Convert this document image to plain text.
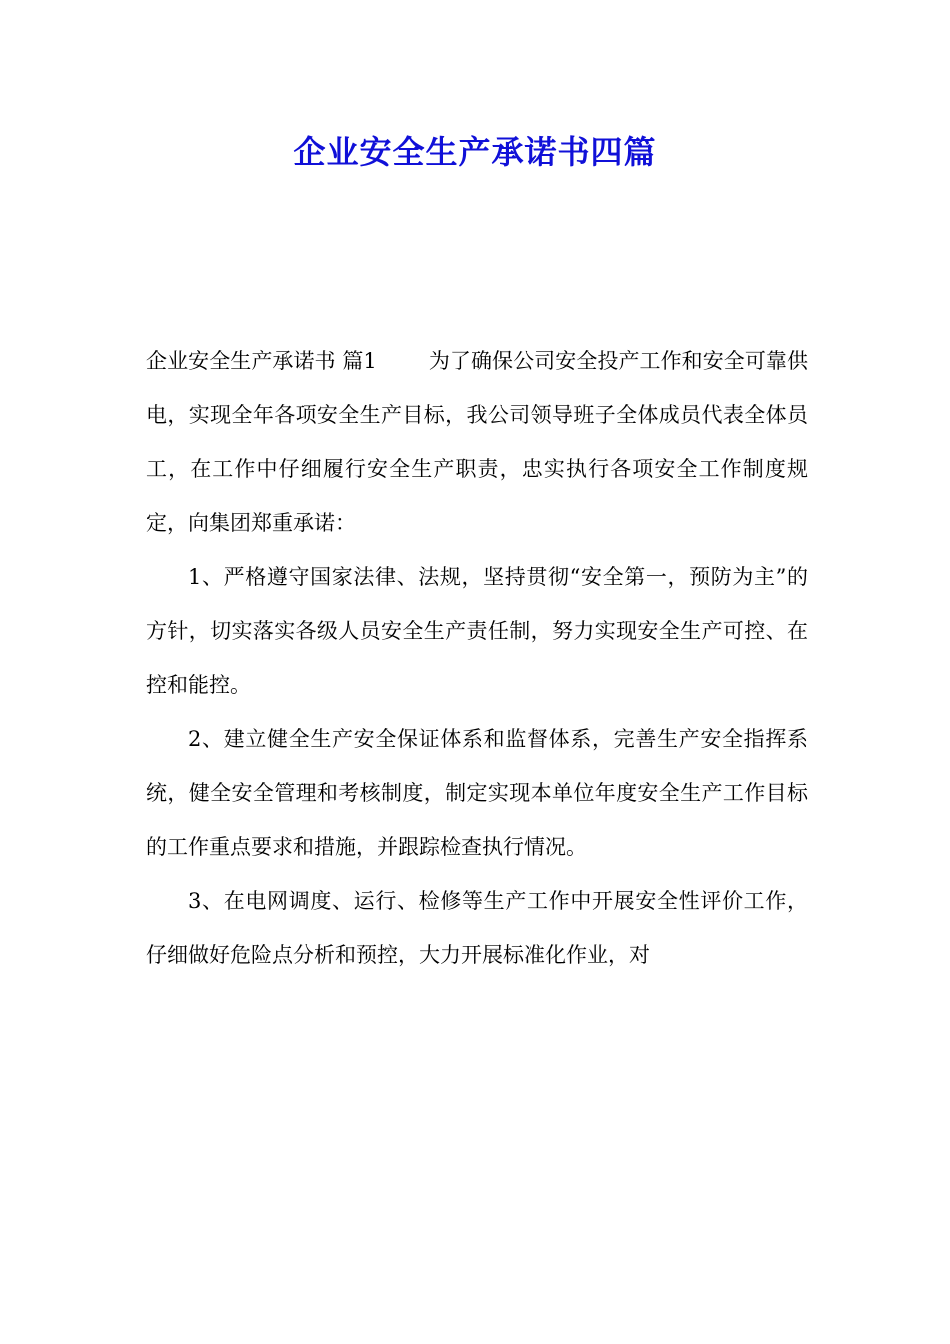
企业安全生产承诺书四篇

企业安全生产承诺书 篇1 为了确保公司安全投产工作和安全可靠供电，实现全年各项安全生产目标，我公司领导班子全体成员代表全体员工，在工作中仔细履行安全生产职责，忠实执行各项安全工作制度规定，向集团郑重承诺：

1、严格遵守国家法律、法规，坚持贯彻“安全第一，预防为主”的方针，切实落实各级人员安全生产责任制，努力实现安全生产可控、在控和能控。

2、建立健全生产安全保证体系和监督体系，完善生产安全指挥系统，健全安全管理和考核制度，制定实现本单位年度安全生产工作目标的工作重点要求和措施，并跟踪检查执行情况。

3、在电网调度、运行、检修等生产工作中开展安全性评价工作，仔细做好危险点分析和预控，大力开展标准化作业，对
